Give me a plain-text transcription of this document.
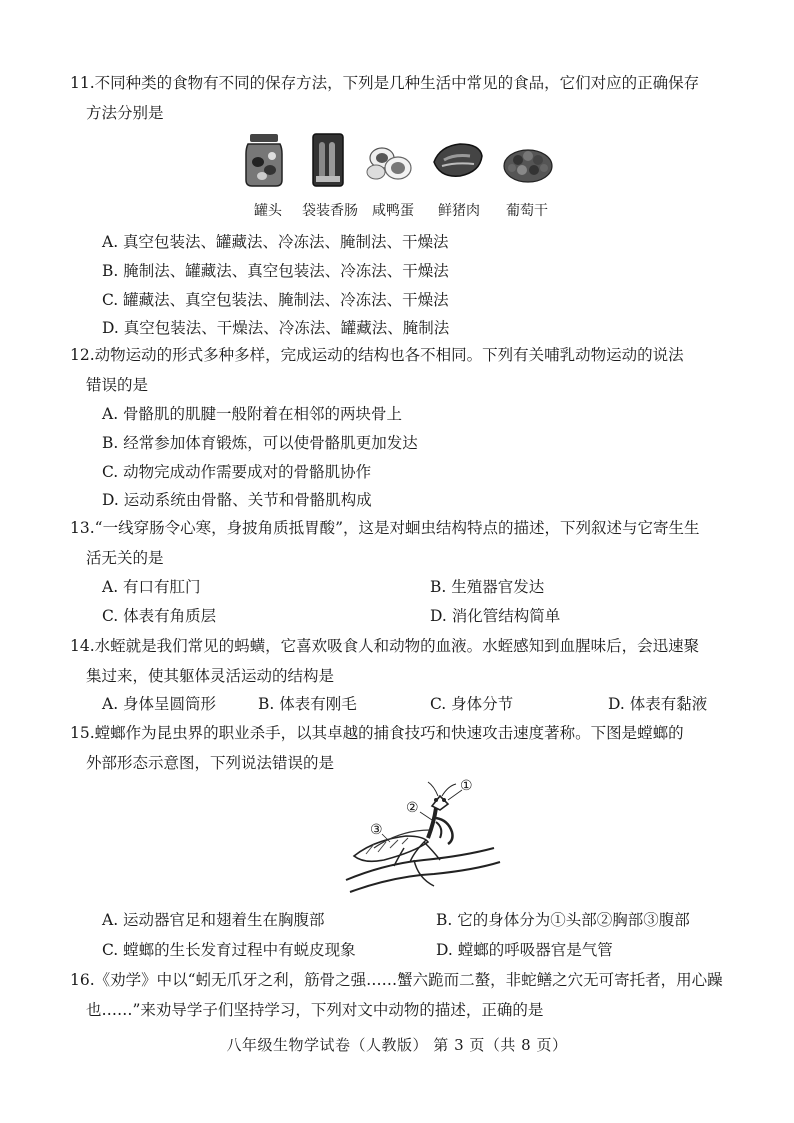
11.不同种类的食物有不同的保存方法，下列是几种生活中常见的食品，它们对应的正确保存
方法分别是
罐头 袋装香肠 咸鸭蛋 鲜猪肉 葡萄干
A. 真空包装法、罐藏法、冷冻法、腌制法、干燥法
B. 腌制法、罐藏法、真空包装法、冷冻法、干燥法
C. 罐藏法、真空包装法、腌制法、冷冻法、干燥法
D. 真空包装法、干燥法、冷冻法、罐藏法、腌制法
12.动物运动的形式多种多样，完成运动的结构也各不相同。下列有关哺乳动物运动的说法
错误的是
A. 骨骼肌的肌腱一般附着在相邻的两块骨上
B. 经常参加体育锻炼，可以使骨骼肌更加发达
C. 动物完成动作需要成对的骨骼肌协作
D. 运动系统由骨骼、关节和骨骼肌构成
13.“一线穿肠令心寒，身披角质抵胃酸”，这是对蛔虫结构特点的描述，下列叙述与它寄生生
活无关的是
A. 有口有肛门	B. 生殖器官发达
C. 体表有角质层	D. 消化管结构简单
14.水蛭就是我们常见的蚂蟥，它喜欢吸食人和动物的血液。水蛭感知到血腥味后，会迅速聚
集过来，使其躯体灵活运动的结构是
A. 身体呈圆筒形	B. 体表有刚毛	C. 身体分节	D. 体表有黏液
15.螳螂作为昆虫界的职业杀手，以其卓越的捕食技巧和快速攻击速度著称。下图是螳螂的
外部形态示意图，下列说法错误的是
①
②
③
A. 运动器官足和翅着生在胸腹部	B. 它的身体分为①头部②胸部③腹部
C. 螳螂的生长发育过程中有蜕皮现象	D. 螳螂的呼吸器官是气管
16.《劝学》中以“蚓无爪牙之利，筋骨之强……蟹六跪而二螯，非蛇鳝之穴无可寄托者，用心躁
也……”来劝导学子们坚持学习，下列对文中动物的描述，正确的是
八年级生物学试卷（人教版） 第 3 页（共 8 页）
